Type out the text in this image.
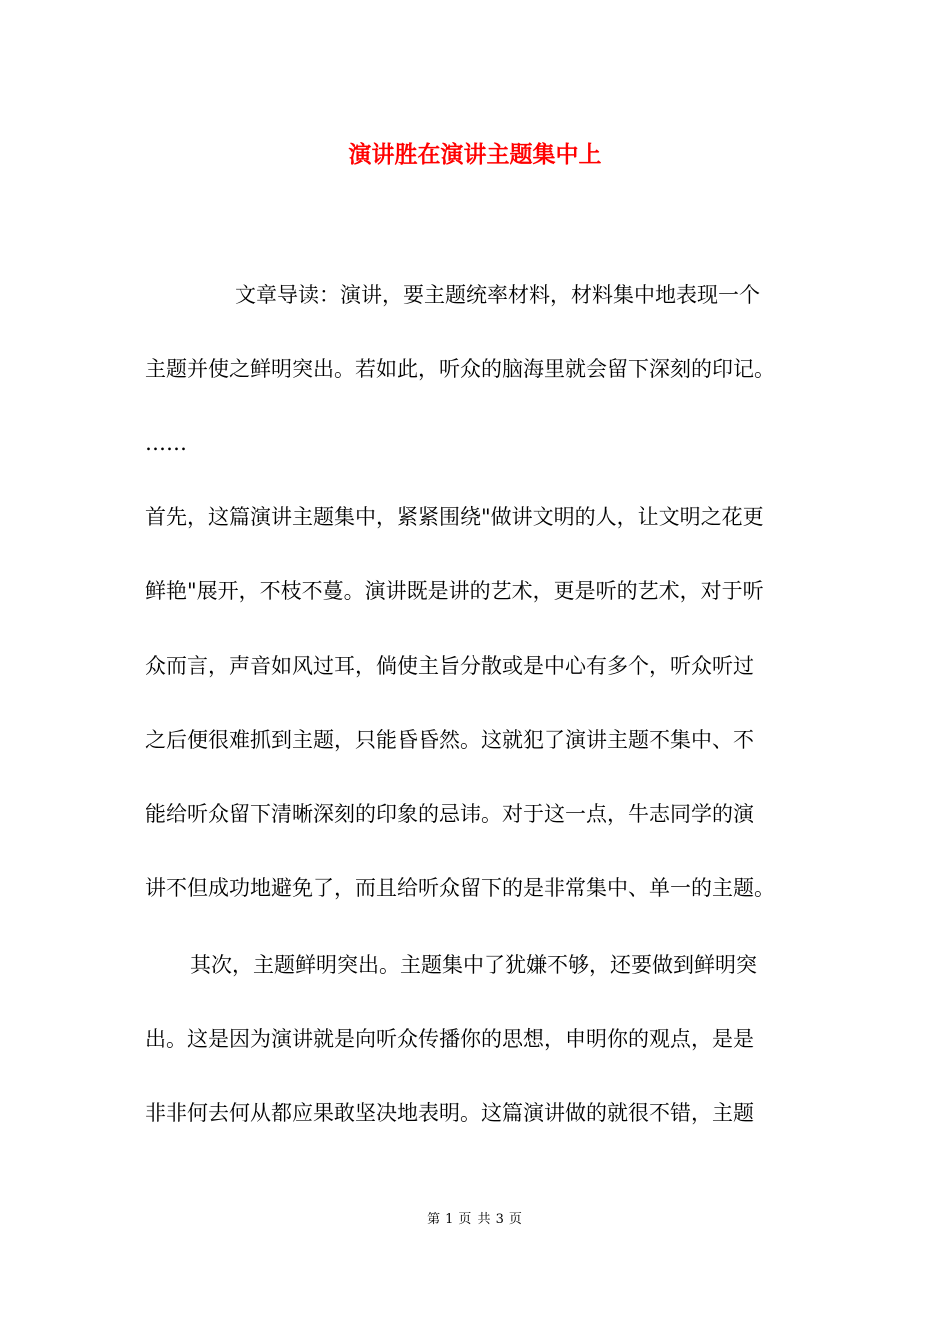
演讲胜在演讲主题集中上
文章导读：演讲，要主题统率材料，材料集中地表现一个
主题并使之鲜明突出。若如此，听众的脑海里就会留下深刻的印记。
……
首先，这篇演讲主题集中，紧紧围绕"做讲文明的人，让文明之花更
鲜艳"展开，不枝不蔓。演讲既是讲的艺术，更是听的艺术，对于听
众而言，声音如风过耳，倘使主旨分散或是中心有多个，听众听过
之后便很难抓到主题，只能昏昏然。这就犯了演讲主题不集中、不
能给听众留下清晰深刻的印象的忌讳。对于这一点，牛志同学的演
讲不但成功地避免了，而且给听众留下的是非常集中、单一的主题。
其次，主题鲜明突出。主题集中了犹嫌不够，还要做到鲜明突
出。这是因为演讲就是向听众传播你的思想，申明你的观点，是是
非非何去何从都应果敢坚决地表明。这篇演讲做的就很不错，主题
第 1 页 共 3 页
